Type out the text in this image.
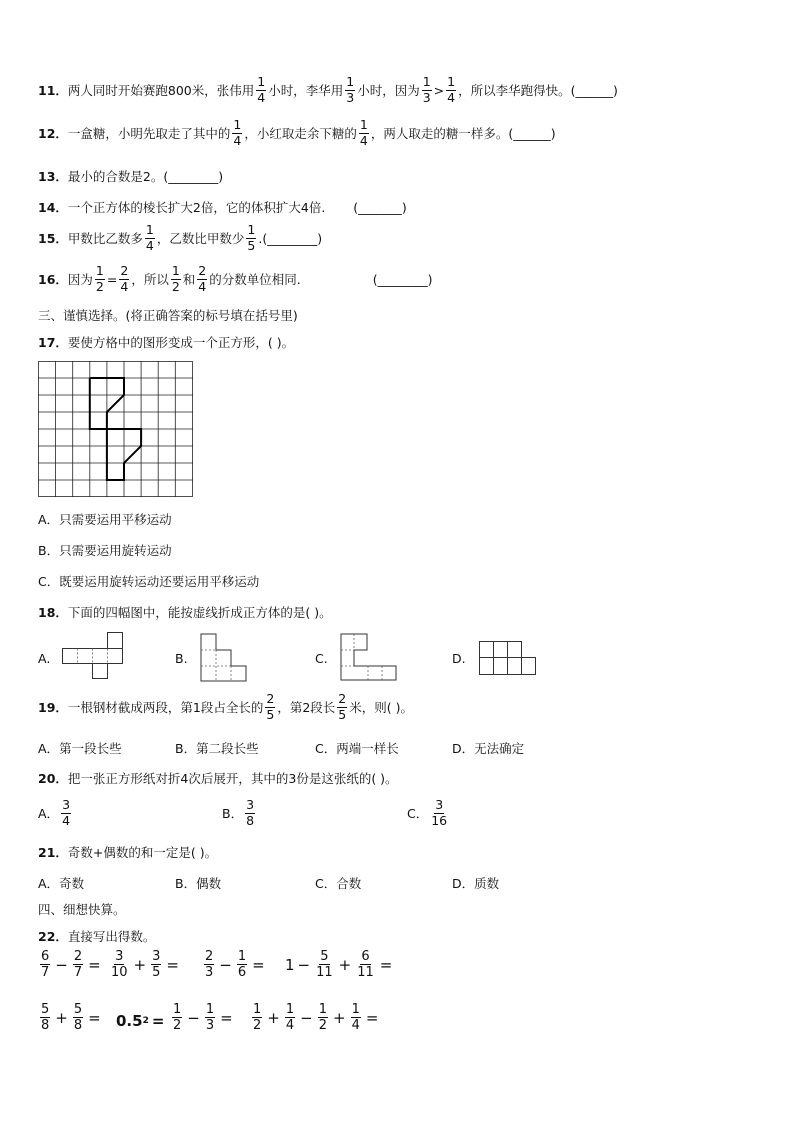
11． 两人同时开始赛跑800米，张伟用 $\frac{1}{4}$ 小时，李华用 $\frac{1}{3}$ 小时，因为 $\frac{1}{3} > \frac{1}{4}$ ，所以李华跑得快。 (______)
12． 一盒糖，小明先取走了其中的 $\frac{1}{4}$ ，小红取走余下糖的 $\frac{1}{4}$ ，两人取走的糖一样多。 (______)
13． 最小的合数是2。 (________)
14． 一个正方体的棱长扩大2倍，它的体积扩大4倍. (_______)
15． 甲数比乙数多 $\frac{1}{4}$ ，乙数比甲数少 $\frac{1}{5}$ . (________)
16． 因为 $\frac{1}{2} = \frac{2}{4}$ ，所以 $\frac{1}{2}$ 和 $\frac{2}{4}$ 的分数单位相同.	(________)
三、谨慎选择。(将正确答案的标号填在括号里)
17． 要使方格中的图形变成一个正方形，( )。
A． 只需要运用平移运动
B． 只需要运用旋转运动
C． 既要运用旋转运动还要运用平移运动
18． 下面的四幅图中，能按虚线折成正方体的是( )。
A.	B.	C.	D.
19． 一根钢材截成两段，第1段占全长的 $\frac{2}{5}$ ，第2段长 $\frac{2}{5}$ 米，则( )。
A． 第一段长些	B． 第二段长些	C． 两端一样长	D． 无法确定
20． 把一张正方形纸对折4次后展开，其中的3份是这张纸的( )。
A． $\frac{3}{4}$	B． $\frac{3}{8}$	C． $\frac{3}{16}$
21． 奇数+偶数的和一定是( )。
A． 奇数	B． 偶数	C． 合数	D． 质数
四、细想快算。
22． 直接写出得数。
$\frac{6}{7} - \frac{2}{7} = \frac{3}{10} + \frac{3}{5} = \frac{2}{3} - \frac{1}{6} = 1 - \frac{5}{11} + \frac{6}{11}$ =
$\frac{5}{8} + \frac{5}{8} = 0.5$ $2 = \frac{1}{2} - \frac{1}{3} = \frac{1}{2} + \frac{1}{4} - \frac{1}{2} + \frac{1}{4}$ =
